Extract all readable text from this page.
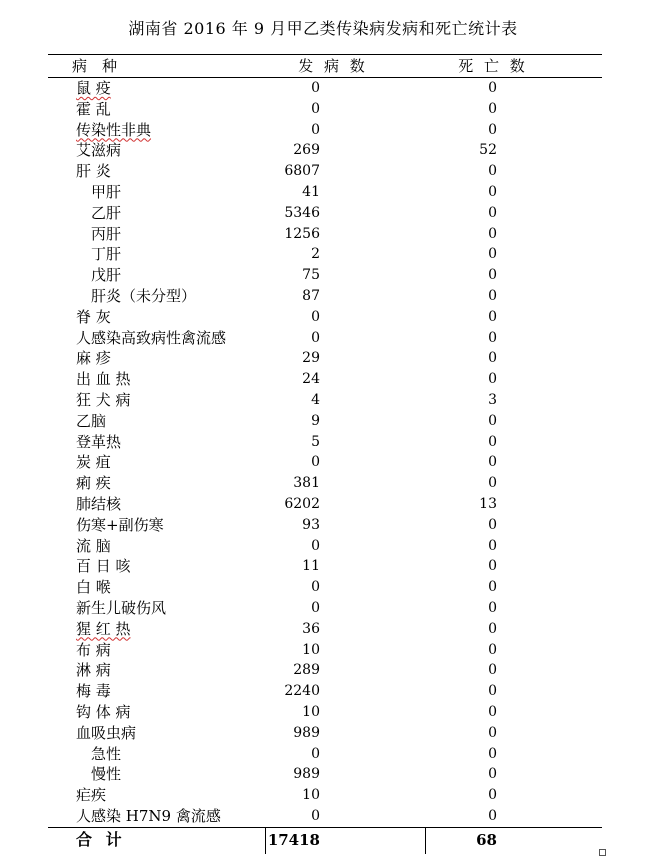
湖南省 2016 年 9 月甲乙类传染病发病和死亡统计表
病　种	发 病 数	死 亡 数
鼠 疫	0	0
霍 乱	0	0
传染性非典	0	0
艾滋病	269	52
肝 炎	6807	0
甲肝	41	0
乙肝	5346	0
丙肝	1256	0
丁肝	2	0
戊肝	75	0
肝炎（未分型）	87	0
脊 灰	0	0
人感染高致病性禽流感	0	0
麻 疹	29	0
出 血 热	24	0
狂 犬 病	4	3
乙脑	9	0
登革热	5	0
炭 疽	0	0
痢 疾	381	0
肺结核	6202	13
伤寒+副伤寒	93	0
流 脑	0	0
百 日 咳	11	0
白 喉	0	0
新生儿破伤风	0	0
猩 红 热	36	0
布 病	10	0
淋 病	289	0
梅 毒	2240	0
钩 体 病	10	0
血吸虫病	989	0
急性	0	0
慢性	989	0
疟疾	10	0
人感染 H7N9 禽流感	0	0
合 计	17418	68
